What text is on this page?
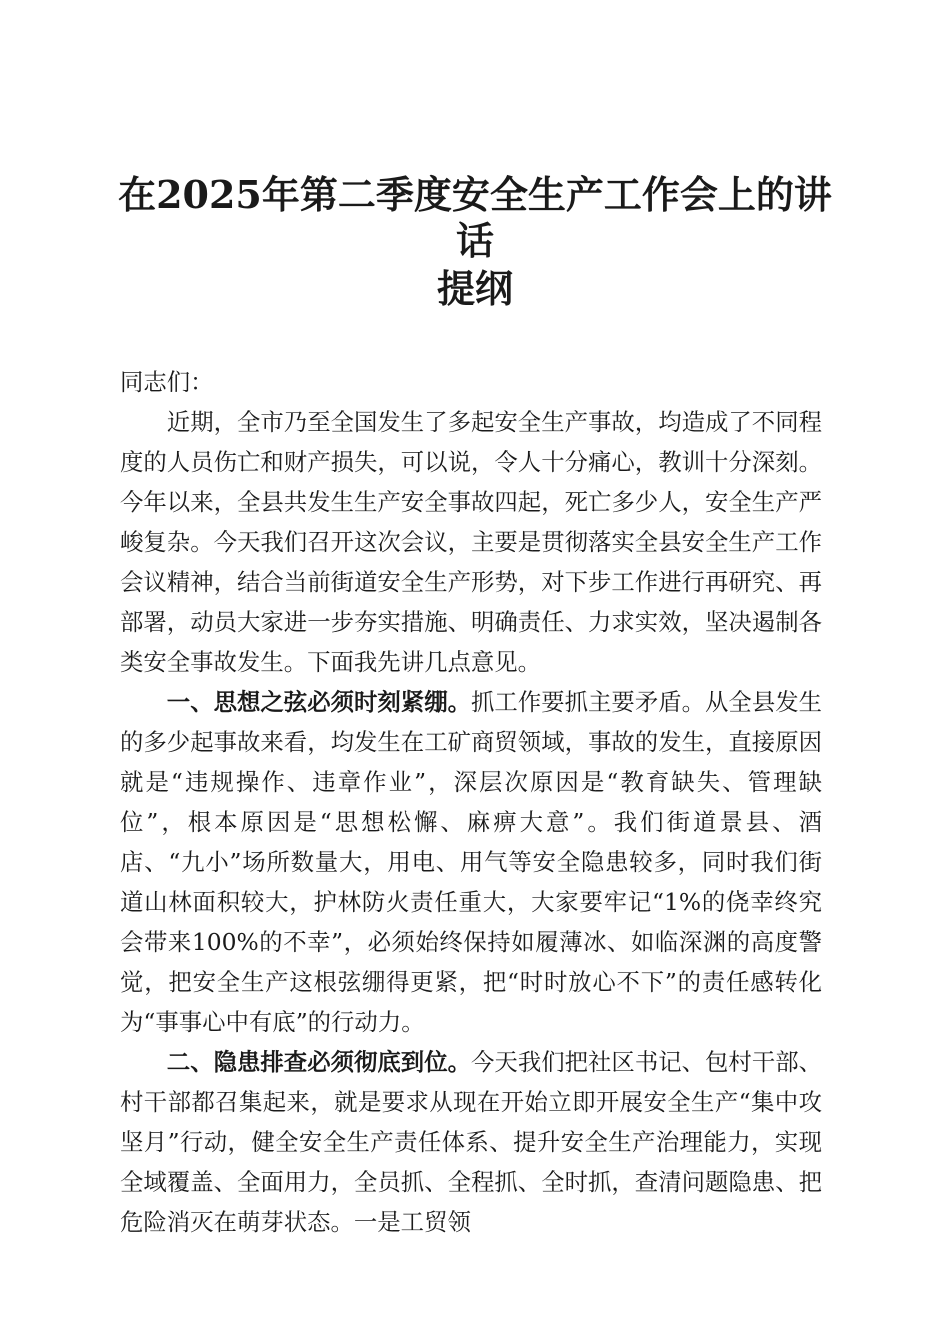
在2025年第二季度安全生产工作会上的讲话
提纲

同志们：

近期，全市乃至全国发生了多起安全生产事故，均造成了不同程度的人员伤亡和财产损失，可以说，令人十分痛心，教训十分深刻。今年以来，全县共发生生产安全事故四起，死亡多少人，安全生产严峻复杂。今天我们召开这次会议，主要是贯彻落实全县安全生产工作会议精神，结合当前街道安全生产形势，对下步工作进行再研究、再部署，动员大家进一步夯实措施、明确责任、力求实效，坚决遏制各类安全事故发生。下面我先讲几点意见。

一、思想之弦必须时刻紧绷。抓工作要抓主要矛盾。从全县发生的多少起事故来看，均发生在工矿商贸领域，事故的发生，直接原因就是“违规操作、违章作业”，深层次原因是“教育缺失、管理缺位”，根本原因是“思想松懈、麻痹大意”。我们街道景县、酒店、“九小”场所数量大，用电、用气等安全隐患较多，同时我们街道山林面积较大，护林防火责任重大，大家要牢记“1%的侥幸终究会带来100%的不幸”，必须始终保持如履薄冰、如临深渊的高度警觉，把安全生产这根弦绷得更紧，把“时时放心不下”的责任感转化为“事事心中有底”的行动力。

二、隐患排查必须彻底到位。今天我们把社区书记、包村干部、村干部都召集起来，就是要求从现在开始立即开展安全生产“集中攻坚月”行动，健全安全生产责任体系、提升安全生产治理能力，实现全域覆盖、全面用力，全员抓、全程抓、全时抓，查清问题隐患、把危险消灭在萌芽状态。一是工贸领
